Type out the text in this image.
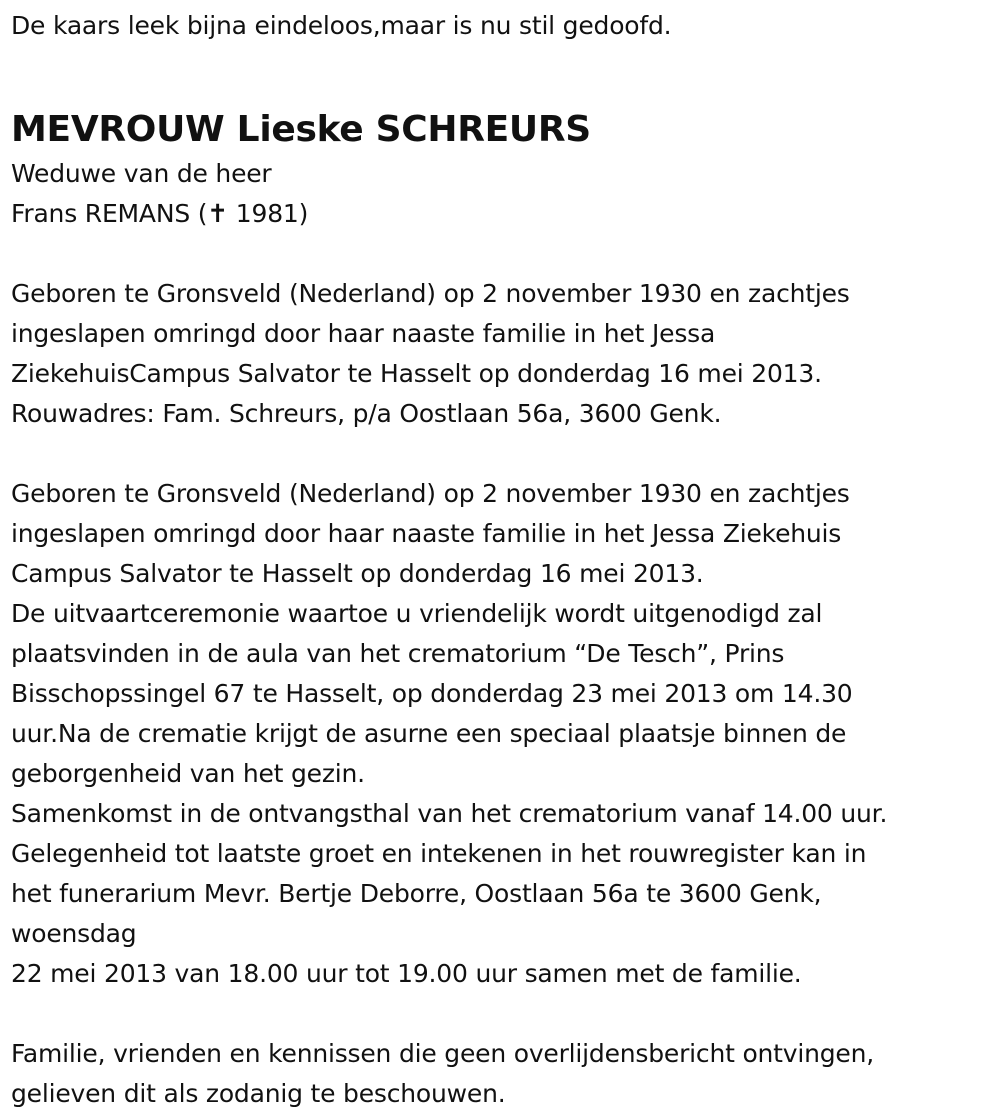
De kaars leek bijna eindeloos,maar is nu stil gedoofd.
MEVROUW Lieske SCHREURS
Weduwe van de heer
Frans REMANS (✝ 1981)
Geboren te Gronsveld (Nederland) op 2 november 1930 en zachtjes
ingeslapen omringd door haar naaste familie in het Jessa
ZiekehuisCampus Salvator te Hasselt op donderdag 16 mei 2013.
Rouwadres: Fam. Schreurs, p/a Oostlaan 56a, 3600 Genk.
Geboren te Gronsveld (Nederland) op 2 november 1930 en zachtjes
ingeslapen omringd door haar naaste familie in het Jessa Ziekehuis
Campus Salvator te Hasselt op donderdag 16 mei 2013.
De uitvaartceremonie waartoe u vriendelijk wordt uitgenodigd zal
plaatsvinden in de aula van het crematorium “De Tesch”, Prins
Bisschopssingel 67 te Hasselt, op donderdag 23 mei 2013 om 14.30
uur.Na de crematie krijgt de asurne een speciaal plaatsje binnen de
geborgenheid van het gezin.
Samenkomst in de ontvangsthal van het crematorium vanaf 14.00 uur.
Gelegenheid tot laatste groet en intekenen in het rouwregister kan in
het funerarium Mevr. Bertje Deborre, Oostlaan 56a te 3600 Genk,
woensdag
22 mei 2013 van 18.00 uur tot 19.00 uur samen met de familie.
Familie, vrienden en kennissen die geen overlijdensbericht ontvingen,
gelieven dit als zodanig te beschouwen.
